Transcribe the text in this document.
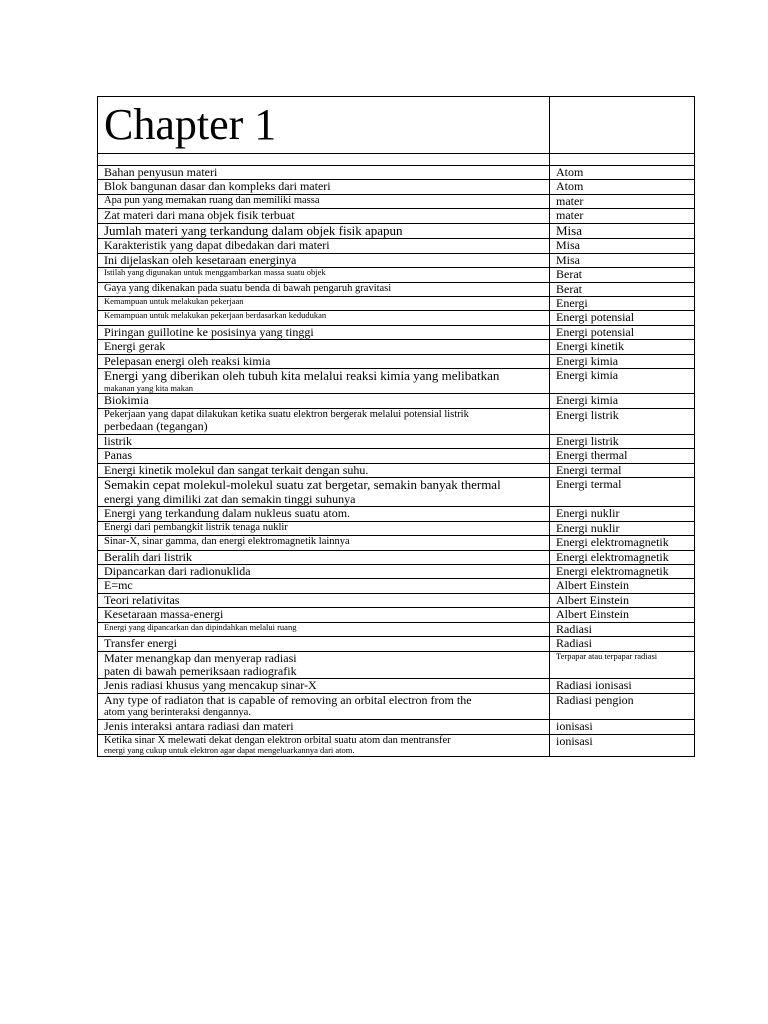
Chapter 1	

Bahan penyusun materi	Atom
Blok bangunan dasar dan kompleks dari materi	Atom
Apa pun yang memakan ruang dan memiliki massa	mater
Zat materi dari mana objek fisik terbuat	mater
Jumlah materi yang terkandung dalam objek fisik apapun	Misa
Karakteristik yang dapat dibedakan dari materi	Misa
Ini dijelaskan oleh kesetaraan energinya	Misa
Istilah yang digunakan untuk menggambarkan massa suatu objek	Berat
Gaya yang dikenakan pada suatu benda di bawah pengaruh gravitasi	Berat
Kemampuan untuk melakukan pekerjaan	Energi
Kemampuan untuk melakukan pekerjaan berdasarkan kedudukan	Energi potensial
Piringan guillotine ke posisinya yang tinggi	Energi potensial
Energi gerak	Energi kinetik
Pelepasan energi oleh reaksi kimia	Energi kimia

Energi yang diberikan oleh tubuh kita melalui reaksi kimia yang melibatkan
makanan yang kita makan	Energi kimia
Biokimia	Energi kimia

Pekerjaan yang dapat dilakukan ketika suatu elektron bergerak melalui potensial listrik
perbedaan (tegangan)	Energi listrik
listrik	Energi listrik
Panas	Energi thermal
Energi kinetik molekul dan sangat terkait dengan suhu.	Energi termal

Semakin cepat molekul-molekul suatu zat bergetar, semakin banyak thermal
energi yang dimiliki zat dan semakin tinggi suhunya	Energi termal
Energi yang terkandung dalam nukleus suatu atom.	Energi nuklir
Energi dari pembangkit listrik tenaga nuklir	Energi nuklir
Sinar-X, sinar gamma, dan energi elektromagnetik lainnya	Energi elektromagnetik
Beralih dari listrik	Energi elektromagnetik
Dipancarkan dari radionuklida	Energi elektromagnetik
E=mc	Albert Einstein
Teori relativitas	Albert Einstein
Kesetaraan massa-energi	Albert Einstein
Energi yang dipancarkan dan dipindahkan melalui ruang	Radiasi
Transfer energi	Radiasi

Mater menangkap dan menyerap radiasi
paten di bawah pemeriksaan radiografik	Terpapar atau terpapar radiasi
Jenis radiasi khusus yang mencakup sinar-X	Radiasi ionisasi

Any type of radiaton that is capable of removing an orbital electron from the
atom yang berinteraksi dengannya.	Radiasi pengion
Jenis interaksi antara radiasi dan materi	ionisasi

Ketika sinar X melewati dekat dengan elektron orbital suatu atom dan mentransfer
energi yang cukup untuk elektron agar dapat mengeluarkannya dari atom.	ionisasi
